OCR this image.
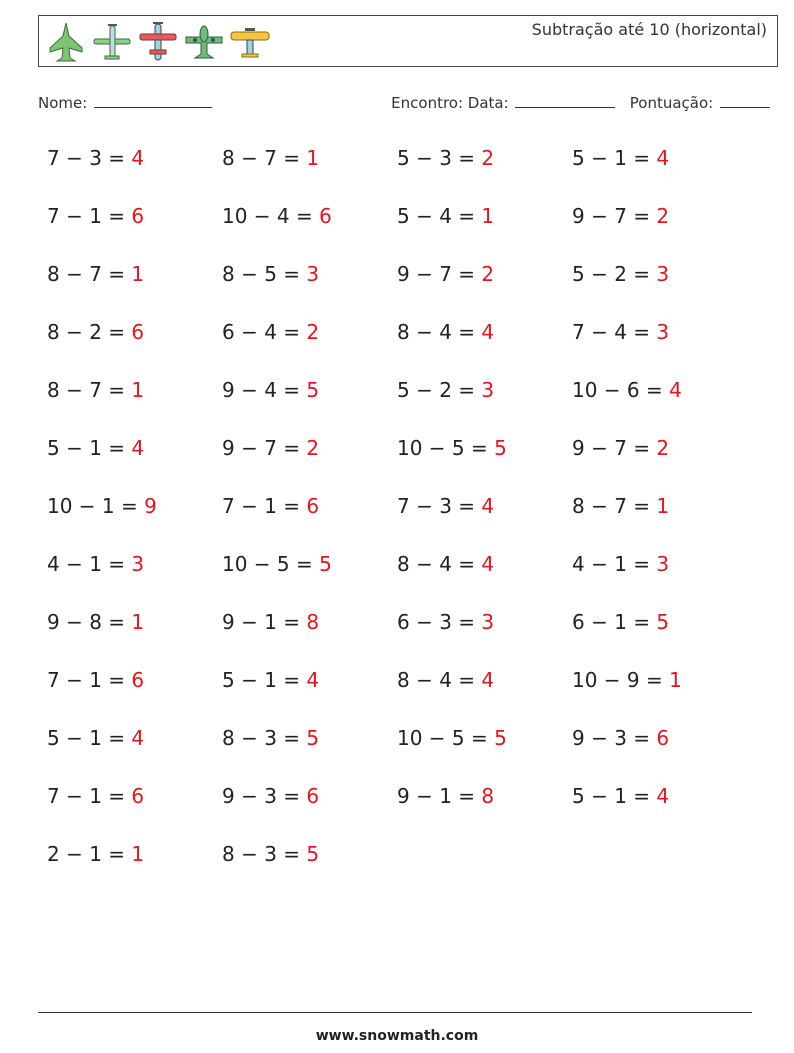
Subtração até 10 (horizontal)
Nome:	Encontro: Data:	Pontuação:
7 − 3 = 4	8 − 7 = 1	5 − 3 = 2	5 − 1 = 4
7 − 1 = 6	10 − 4 = 6	5 − 4 = 1	9 − 7 = 2
8 − 7 = 1	8 − 5 = 3	9 − 7 = 2	5 − 2 = 3
8 − 2 = 6	6 − 4 = 2	8 − 4 = 4	7 − 4 = 3
8 − 7 = 1	9 − 4 = 5	5 − 2 = 3	10 − 6 = 4
5 − 1 = 4	9 − 7 = 2	10 − 5 = 5	9 − 7 = 2
10 − 1 = 9	7 − 1 = 6	7 − 3 = 4	8 − 7 = 1
4 − 1 = 3	10 − 5 = 5	8 − 4 = 4	4 − 1 = 3
9 − 8 = 1	9 − 1 = 8	6 − 3 = 3	6 − 1 = 5
7 − 1 = 6	5 − 1 = 4	8 − 4 = 4	10 − 9 = 1
5 − 1 = 4	8 − 3 = 5	10 − 5 = 5	9 − 3 = 6
7 − 1 = 6	9 − 3 = 6	9 − 1 = 8	5 − 1 = 4
2 − 1 = 1	8 − 3 = 5
www.snowmath.com
